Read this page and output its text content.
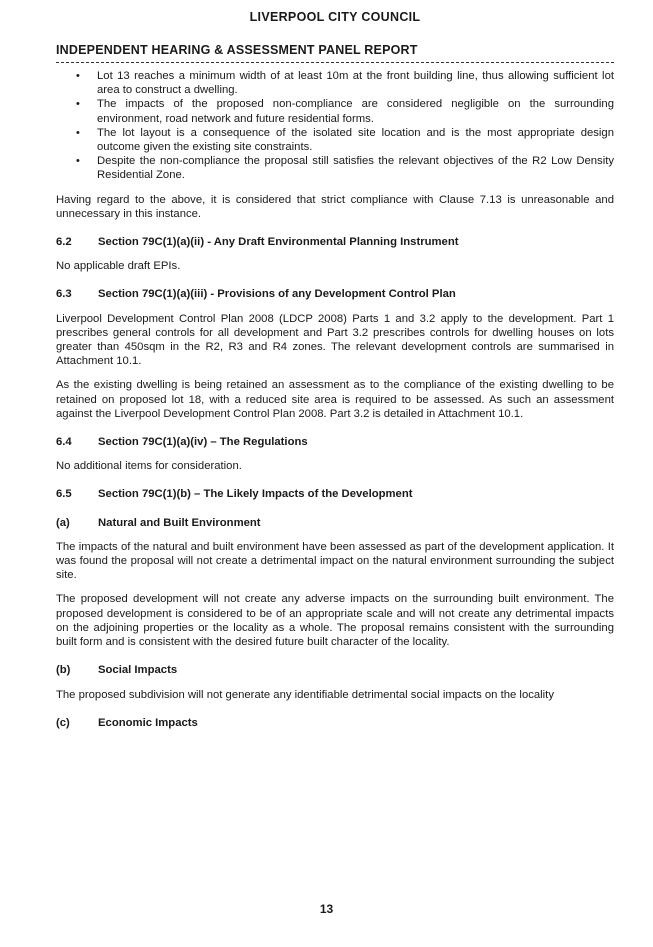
LIVERPOOL CITY COUNCIL
INDEPENDENT HEARING & ASSESSMENT PANEL REPORT
• Lot 13 reaches a minimum width of at least 10m at the front building line, thus allowing sufficient lot area to construct a dwelling.
• The impacts of the proposed non-compliance are considered negligible on the surrounding environment, road network and future residential forms.
• The lot layout is a consequence of the isolated site location and is the most appropriate design outcome given the existing site constraints.
• Despite the non-compliance the proposal still satisfies the relevant objectives of the R2 Low Density Residential Zone.

Having regard to the above, it is considered that strict compliance with Clause 7.13 is unreasonable and unnecessary in this instance.

6.2	Section 79C(1)(a)(ii) - Any Draft Environmental Planning Instrument

No applicable draft EPIs.

6.3	Section 79C(1)(a)(iii) - Provisions of any Development Control Plan

Liverpool Development Control Plan 2008 (LDCP 2008) Parts 1 and 3.2 apply to the development. Part 1 prescribes general controls for all development and Part 3.2 prescribes controls for dwelling houses on lots greater than 450sqm in the R2, R3 and R4 zones. The relevant development controls are summarised in Attachment 10.1.

As the existing dwelling is being retained an assessment as to the compliance of the existing dwelling to be retained on proposed lot 18, with a reduced site area is required to be assessed. As such an assessment against the Liverpool Development Control Plan 2008. Part 3.2 is detailed in Attachment 10.1.

6.4	Section 79C(1)(a)(iv) – The Regulations

No additional items for consideration.

6.5	Section 79C(1)(b) – The Likely Impacts of the Development
(a)	Natural and Built Environment

The impacts of the natural and built environment have been assessed as part of the development application. It was found the proposal will not create a detrimental impact on the natural environment surrounding the subject site.

The proposed development will not create any adverse impacts on the surrounding built environment. The proposed development is considered to be of an appropriate scale and will not create any detrimental impacts on the adjoining properties or the locality as a whole. The proposal remains consistent with the surrounding built form and is consistent with the desired future built character of the locality.

(b)	Social Impacts

The proposed subdivision will not generate any identifiable detrimental social impacts on the locality

(c)	Economic Impacts
13
